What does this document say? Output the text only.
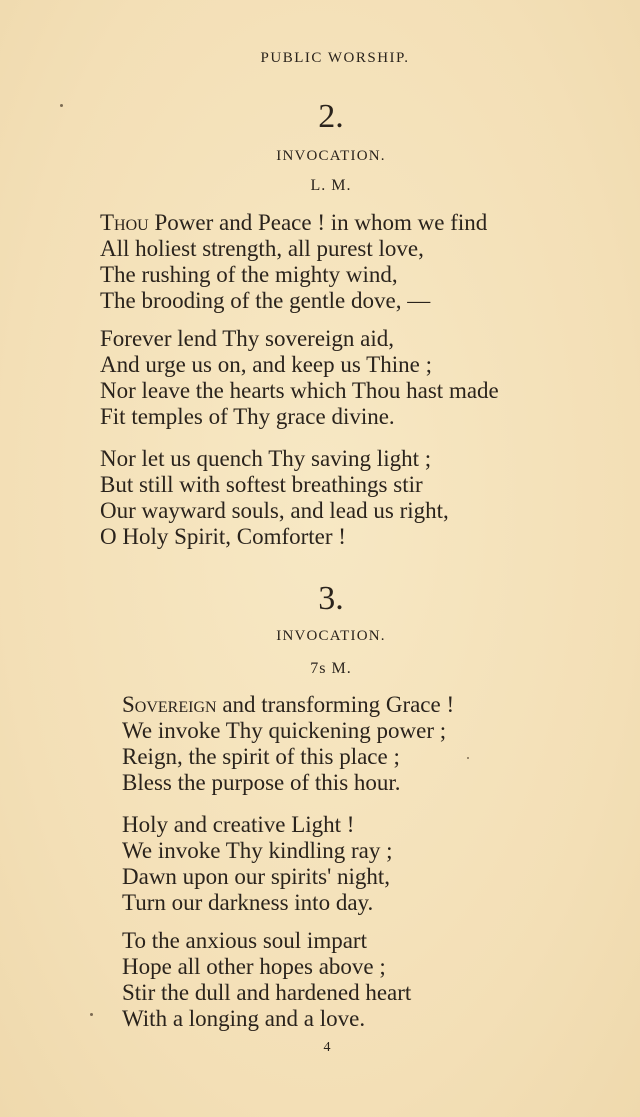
PUBLIC WORSHIP.
2.
INVOCATION.
L. M.
Thou Power and Peace ! in whom we find
All holiest strength, all purest love,
The rushing of the mighty wind,
The brooding of the gentle dove, —
Forever lend Thy sovereign aid,
And urge us on, and keep us Thine ;
Nor leave the hearts which Thou hast made
Fit temples of Thy grace divine.
Nor let us quench Thy saving light ;
But still with softest breathings stir
Our wayward souls, and lead us right,
O Holy Spirit, Comforter !
3.
INVOCATION.
7s M.
Sovereign and transforming Grace !
We invoke Thy quickening power ;
Reign, the spirit of this place ;
Bless the purpose of this hour.
Holy and creative Light !
We invoke Thy kindling ray ;
Dawn upon our spirits' night,
Turn our darkness into day.
To the anxious soul impart
Hope all other hopes above ;
Stir the dull and hardened heart
With a longing and a love.
4
